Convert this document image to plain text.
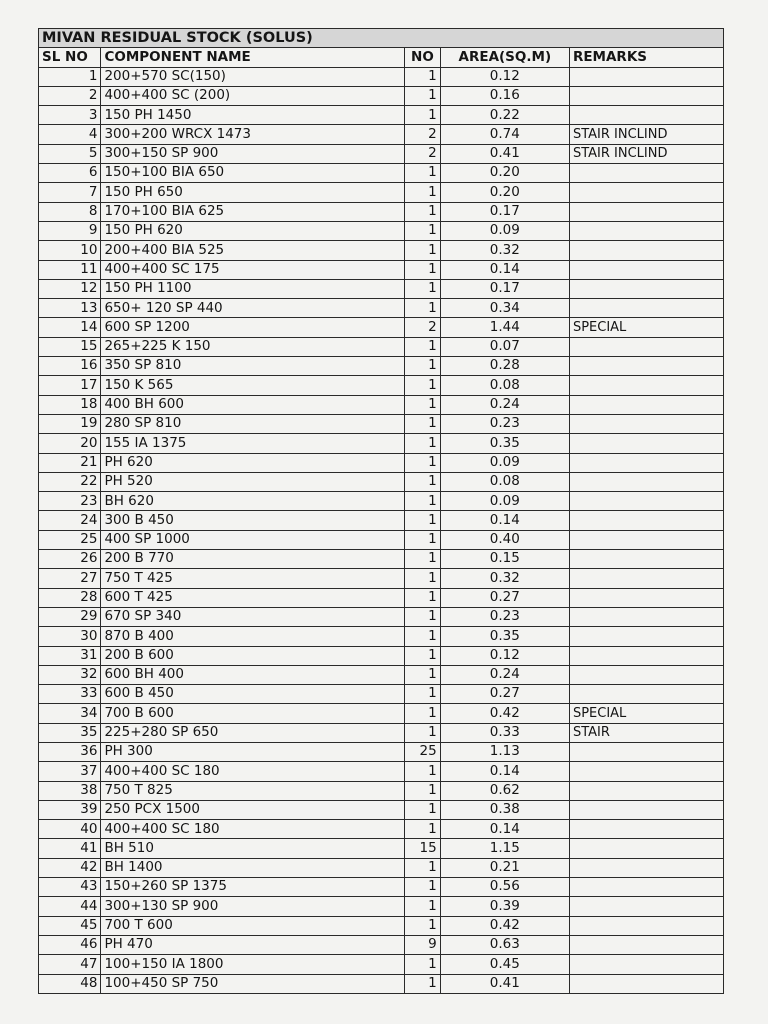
MIVAN RESIDUAL STOCK (SOLUS)				
SL NO	COMPONENT NAME	NO	AREA(SQ.M)	REMARKS
1	200+570 SC(150)	1	0.12	
2	400+400 SC (200)	1	0.16	
3	150 PH 1450	1	0.22	
4	300+200 WRCX 1473	2	0.74	STAIR INCLIND
5	300+150 SP 900	2	0.41	STAIR INCLIND
6	150+100 BIA 650	1	0.20	
7	150 PH 650	1	0.20	
8	170+100 BIA 625	1	0.17	
9	150 PH 620	1	0.09	
10	200+400 BIA 525	1	0.32	
11	400+400 SC 175	1	0.14	
12	150 PH 1100	1	0.17	
13	650+ 120 SP 440	1	0.34	
14	600 SP 1200	2	1.44	SPECIAL
15	265+225 K 150	1	0.07	
16	350 SP 810	1	0.28	
17	150 K 565	1	0.08	
18	400 BH 600	1	0.24	
19	280 SP 810	1	0.23	
20	155 IA 1375	1	0.35	
21	PH 620	1	0.09	
22	PH 520	1	0.08	
23	BH 620	1	0.09	
24	300 B 450	1	0.14	
25	400 SP 1000	1	0.40	
26	200 B 770	1	0.15	
27	750 T 425	1	0.32	
28	600 T 425	1	0.27	
29	670 SP 340	1	0.23	
30	870 B 400	1	0.35	
31	200 B 600	1	0.12	
32	600 BH 400	1	0.24	
33	600 B 450	1	0.27	
34	700 B 600	1	0.42	SPECIAL
35	225+280 SP 650	1	0.33	STAIR
36	PH 300	25	1.13	
37	400+400 SC 180	1	0.14	
38	750 T 825	1	0.62	
39	250 PCX 1500	1	0.38	
40	400+400 SC 180	1	0.14	
41	BH 510	15	1.15	
42	BH 1400	1	0.21	
43	150+260 SP 1375	1	0.56	
44	300+130 SP 900	1	0.39	
45	700 T 600	1	0.42	
46	PH 470	9	0.63	
47	100+150 IA 1800	1	0.45	
48	100+450 SP 750	1	0.41	
